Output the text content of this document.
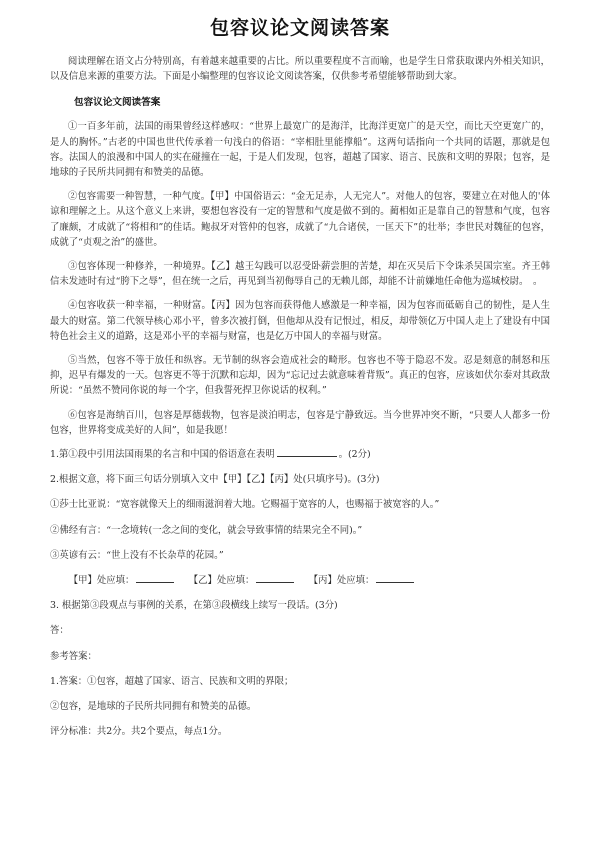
包容议论文阅读答案

阅读理解在语文占分特别高，有着越来越重要的占比。所以重要程度不言而喻，也是学生日常获取课内外相关知识，以及信息来源的重要方法。下面是小编整理的包容议论文阅读答案，仅供参考希望能够帮助到大家。

包容议论文阅读答案

①一百多年前，法国的雨果曾经这样感叹：“世界上最宽广的是海洋，比海洋更宽广的是天空，而比天空更宽广的，是人的胸怀。”古老的中国也世代传承着一句浅白的俗语：“宰相肚里能撑船”。这两句话指向一个共同的话题，那就是包容。法国人的浪漫和中国人的实在碰撞在一起，于是人们发现，包容，超越了国家、语言、民族和文明的界限；包容，是地球的子民所共同拥有和赞美的品德。

②包容需要一种智慧，一种气度。【甲】中国俗语云：“金无足赤，人无完人”。对他人的包容，要建立在对他人的'体谅和理解之上。从这个意义上来讲，要想包容没有一定的智慧和气度是做不到的。蔺相如正是靠自己的智慧和气度，包容了廉颇，才成就了“将相和”的佳话。鲍叔牙对管仲的包容，成就了“九合诸侯，一匡天下”的壮举；李世民对魏征的包容，成就了“贞观之治”的盛世。

③包容体现一种修养，一种境界。【乙】越王勾践可以忍受卧薪尝胆的苦楚，却在灭吴后下令诛杀吴国宗室。齐王韩信未发迹时有过“胯下之辱”，但在统一之后，再见到当初侮辱自己的无赖儿郎，却能不计前嫌地任命他为巡城校尉。　。

④包容收获一种幸福，一种财富。【丙】因为包容而获得他人感激是一种幸福，因为包容而砥砺自己的韧性，是人生最大的财富。第二代领导核心邓小平，曾多次被打倒，但他却从没有记恨过，相反，却带领亿万中国人走上了建设有中国特色社会主义的道路，这是邓小平的幸福与财富，也是亿万中国人的幸福与财富。

⑤当然，包容不等于放任和纵容。无节制的纵容会造成社会的畸形。包容也不等于隐忍不发。忍是刻意的制怒和压抑，迟早有爆发的一天。包容更不等于沉默和忘却，因为“忘记过去就意味着背叛”。真正的包容，应该如伏尔泰对其政敌所说：“虽然不赞同你说的每一个字，但我誓死捍卫你说话的权利。”

⑥包容是海纳百川，包容是厚德载物，包容是淡泊明志，包容是宁静致远。当今世界冲突不断，“只要人人都多一份包容，世界将变成美好的人间”，如是我愿！

1.第①段中引用法国雨果的名言和中国的俗语意在表明	。(2分)
2.根据文意，将下面三句话分别填入文中【甲】【乙】【丙】处(只填序号)。(3分)
①莎士比亚说：“宽容就像天上的细雨滋润着大地。它赐福于宽容的人，也赐福于被宽容的人。”
②佛经有言：“一念境转(一念之间的变化，就会导致事情的结果完全不同)。”
③英谚有云：“世上没有不长杂草的花园。”
【甲】处应填：　	【乙】处应填：　	【丙】处应填：
3. 根据第③段观点与事例的关系，在第③段横线上续写一段话。(3分)
答：
参考答案：
1.答案：①包容，超越了国家、语言、民族和文明的界限；
②包容，是地球的子民所共同拥有和赞美的品德。
评分标准：共2分。共2个要点，每点1分。
